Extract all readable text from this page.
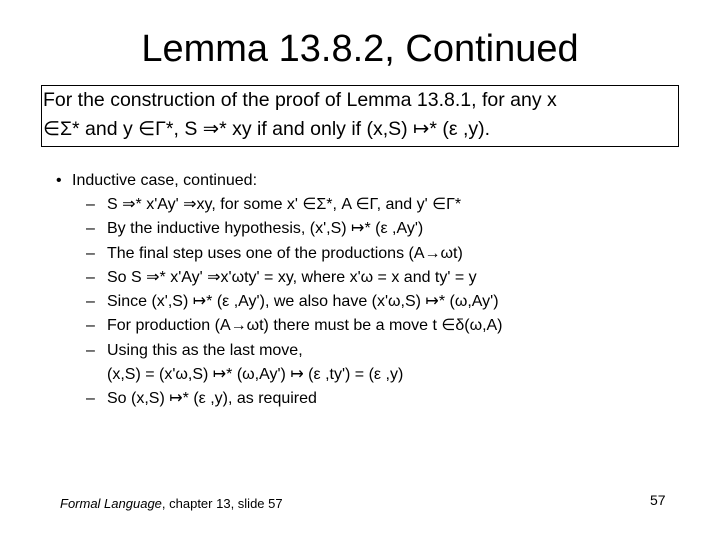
Lemma 13.8.2, Continued
For the construction of the proof of Lemma 13.8.1, for any x
∈Σ* and y ∈Γ*, S ⇒* xy if and only if (x,S) ↦* (ε ,y).
• Inductive case, continued:
– S ⇒* x'Ay' ⇒xy, for some x' ∈Σ*, A ∈Γ, and y' ∈Γ*
– By the inductive hypothesis, (x',S) ↦* (ε ,Ay')
– The final step uses one of the productions (A→ωt)
– So S ⇒* x'Ay' ⇒x'ωty' = xy, where x'ω = x and ty' = y
– Since (x',S) ↦* (ε ,Ay'), we also have (x'ω,S) ↦* (ω,Ay')
– For production (A→ωt) there must be a move t ∈δ(ω,A)
– Using this as the last move,
(x,S) = (x'ω,S) ↦* (ω,Ay') ↦ (ε ,ty') = (ε ,y)
– So (x,S) ↦* (ε ,y), as required
Formal Language, chapter 13, slide 57	57
